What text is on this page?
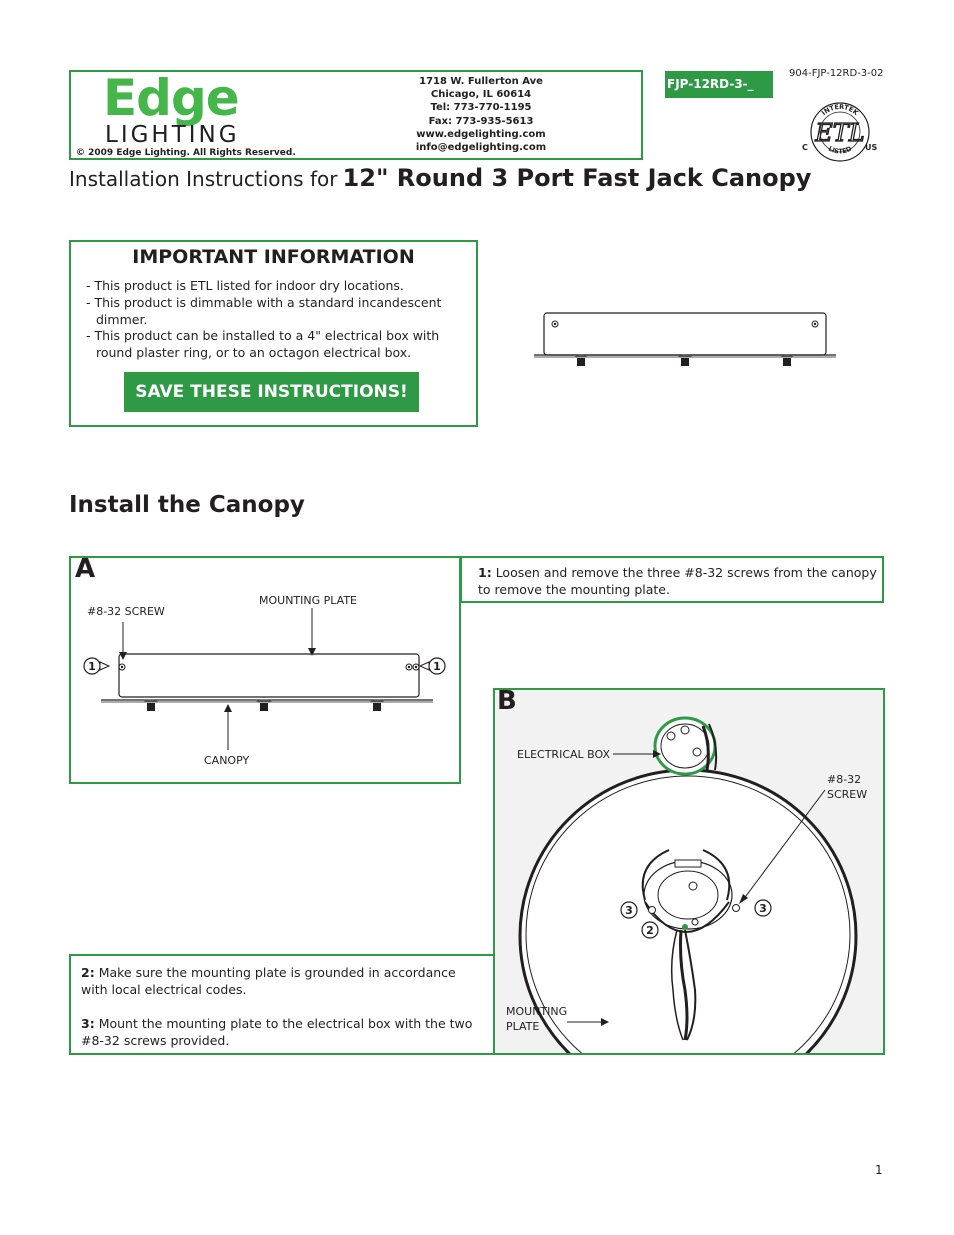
Edge
LIGHTING
© 2009 Edge Lighting. All Rights Reserved.
1718 W. Fullerton Ave
Chicago, IL 60614
Tel: 773-770-1195
Fax: 773-935-5613
www.edgelighting.com
info@edgelighting.com
FJP-12RD-3-_
904-FJP-12RD-3-02
INTERTEK
LISTED
ETL
C	US
Installation Instructions for 12" Round 3 Port Fast Jack Canopy
IMPORTANT INFORMATION
- This product is ETL listed for indoor dry locations.
- This product is dimmable with a standard incandescent dimmer.
- This product can be installed to a 4" electrical box with round plaster ring, or to an octagon electrical box.
SAVE THESE INSTRUCTIONS!
Install the Canopy
1	1
#8-32 SCREW
MOUNTING PLATE
CANOPY
A	1: Loosen and remove the three #8-32 screws from the canopy to remove the mounting plate.
3	3
2
ELECTRICAL BOX
#8-32
SCREW
MOUNTING
PLATE
B
2: Make sure the mounting plate is grounded in accordance with local electrical codes.
3: Mount the mounting plate to the electrical box with the two #8-32 screws provided.
1
